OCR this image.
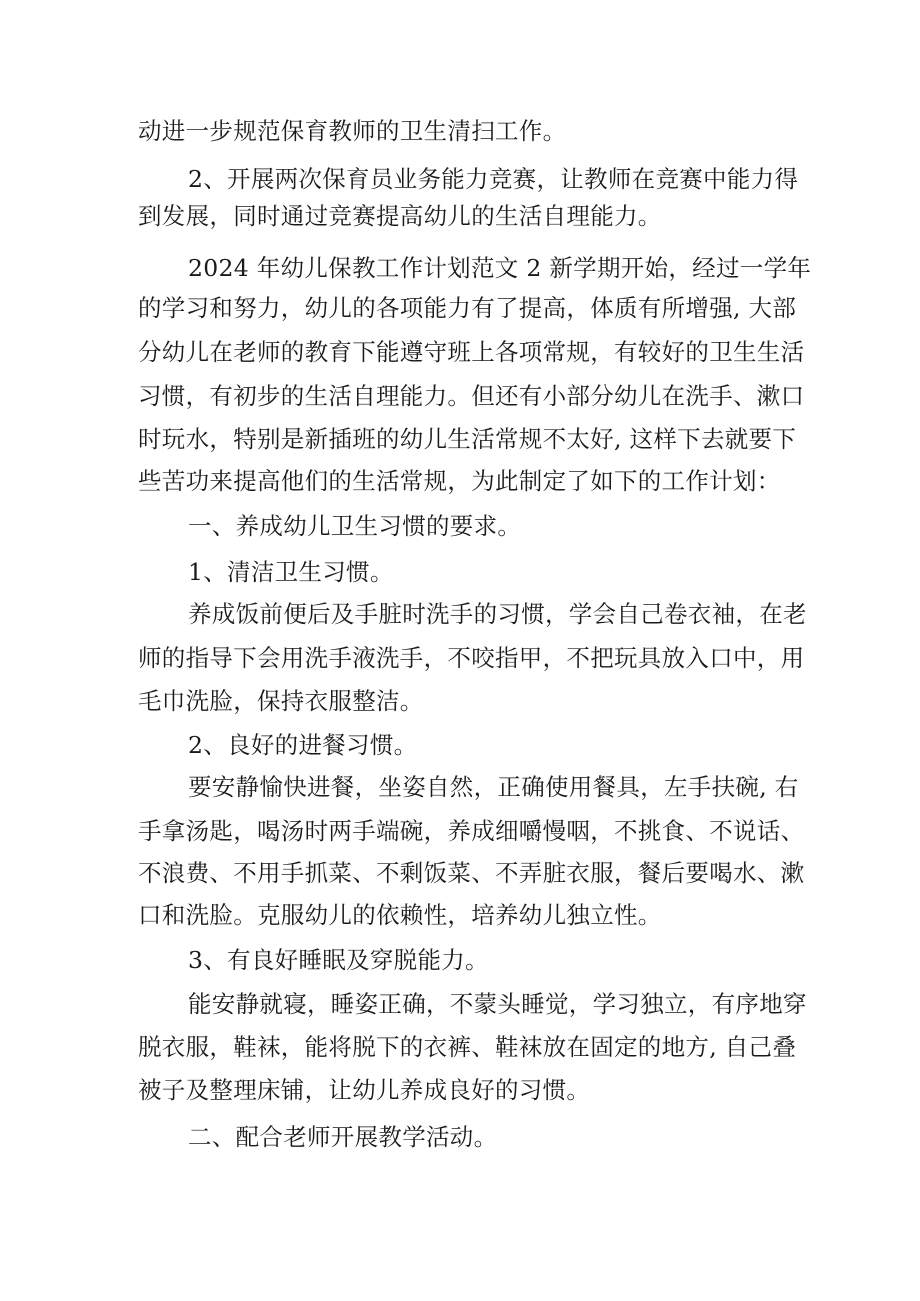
动进一步规范保育教师的卫生清扫工作。
2、开展两次保育员业务能力竞赛，让教师在竞赛中能力得
到发展，同时通过竞赛提高幼儿的生活自理能力。
2024 年幼儿保教工作计划范文 2 新学期开始，经过一学年
的学习和努力，幼儿的各项能力有了提高，体质有所增强, 大部
分幼儿在老师的教育下能遵守班上各项常规，有较好的卫生生活
习惯，有初步的生活自理能力。但还有小部分幼儿在洗手、漱口
时玩水，特别是新插班的幼儿生活常规不太好, 这样下去就要下
些苦功来提高他们的生活常规，为此制定了如下的工作计划：
一、养成幼儿卫生习惯的要求。
1、清洁卫生习惯。
养成饭前便后及手脏时洗手的习惯，学会自己卷衣袖，在老
师的指导下会用洗手液洗手，不咬指甲，不把玩具放入口中，用
毛巾洗脸，保持衣服整洁。
2、良好的进餐习惯。
要安静愉快进餐，坐姿自然，正确使用餐具，左手扶碗, 右
手拿汤匙，喝汤时两手端碗，养成细嚼慢咽，不挑食、不说话、
不浪费、不用手抓菜、不剩饭菜、不弄脏衣服，餐后要喝水、漱
口和洗脸。克服幼儿的依赖性，培养幼儿独立性。
3、有良好睡眠及穿脱能力。
能安静就寝，睡姿正确，不蒙头睡觉，学习独立，有序地穿
脱衣服，鞋袜，能将脱下的衣裤、鞋袜放在固定的地方, 自己叠
被子及整理床铺，让幼儿养成良好的习惯。
二、配合老师开展教学活动。
